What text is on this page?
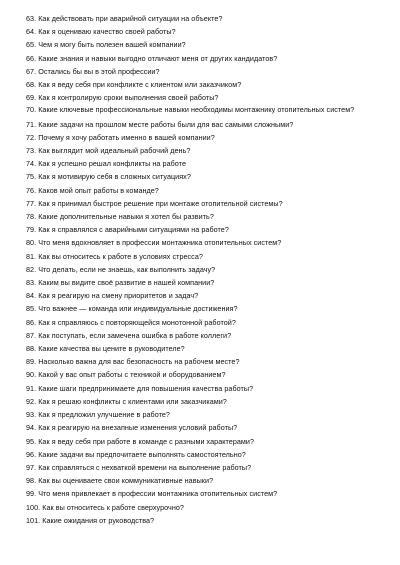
63. Как действовать при аварийной ситуации на объекте?
64. Как я оцениваю качество своей работы?
65. Чем я могу быть полезен вашей компании?
66. Какие знания и навыки выгодно отличают меня от других кандидатов?
67. Остались бы вы в этой профессии?
68. Как я веду себя при конфликте с клиентом или заказчиком?
69. Как я контролирую сроки выполнения своей работы?
70. Какие ключевые профессиональные навыки необходимы монтажнику отопительных систем?
71. Какие задачи на прошлом месте работы были для вас самыми сложными?
72. Почему я хочу работать именно в вашей компании?
73. Как выглядит мой идеальный рабочий день?
74. Как я успешно решал конфликты на работе
75. Как я мотивирую себя в сложных ситуациях?
76. Каков мой опыт работы в команде?
77. Как я принимал быстрое решение при монтаже отопительной системы?
78. Какие дополнительные навыки я хотел бы развить?
79. Как я справлялся с аварийными ситуациями на работе?
80. Что меня вдохновляет в профессии монтажника отопительных систем?
81. Как вы относитесь к работе в условиях стресса?
82. Что делать, если не знаешь, как выполнить задачу?
83. Каким вы видите своё развитие в нашей компании?
84. Как я реагирую на смену приоритетов и задач?
85. Что важнее — команда или индивидуальные достижения?
86. Как я справляюсь с повторяющейся монотонной работой?
87. Как поступать, если замечена ошибка в работе коллеги?
88. Какие качества вы цените в руководителе?
89. Насколько важна для вас безопасность на рабочем месте?
90. Какой у вас опыт работы с техникой и оборудованием?
91. Какие шаги предпринимаете для повышения качества работы?
92. Как я решаю конфликты с клиентами или заказчиками?
93. Как я предложил улучшение в работе?
94. Как я реагирую на внезапные изменения условий работы?
95. Как я веду себя при работе в команде с разными характерами?
96. Какие задачи вы предпочитаете выполнять самостоятельно?
97. Как справляться с нехваткой времени на выполнение работы?
98. Как вы оцениваете свои коммуникативные навыки?
99. Что меня привлекает в профессии монтажника отопительных систем?
100. Как вы относитесь к работе сверхурочно?
101. Какие ожидания от руководства?
